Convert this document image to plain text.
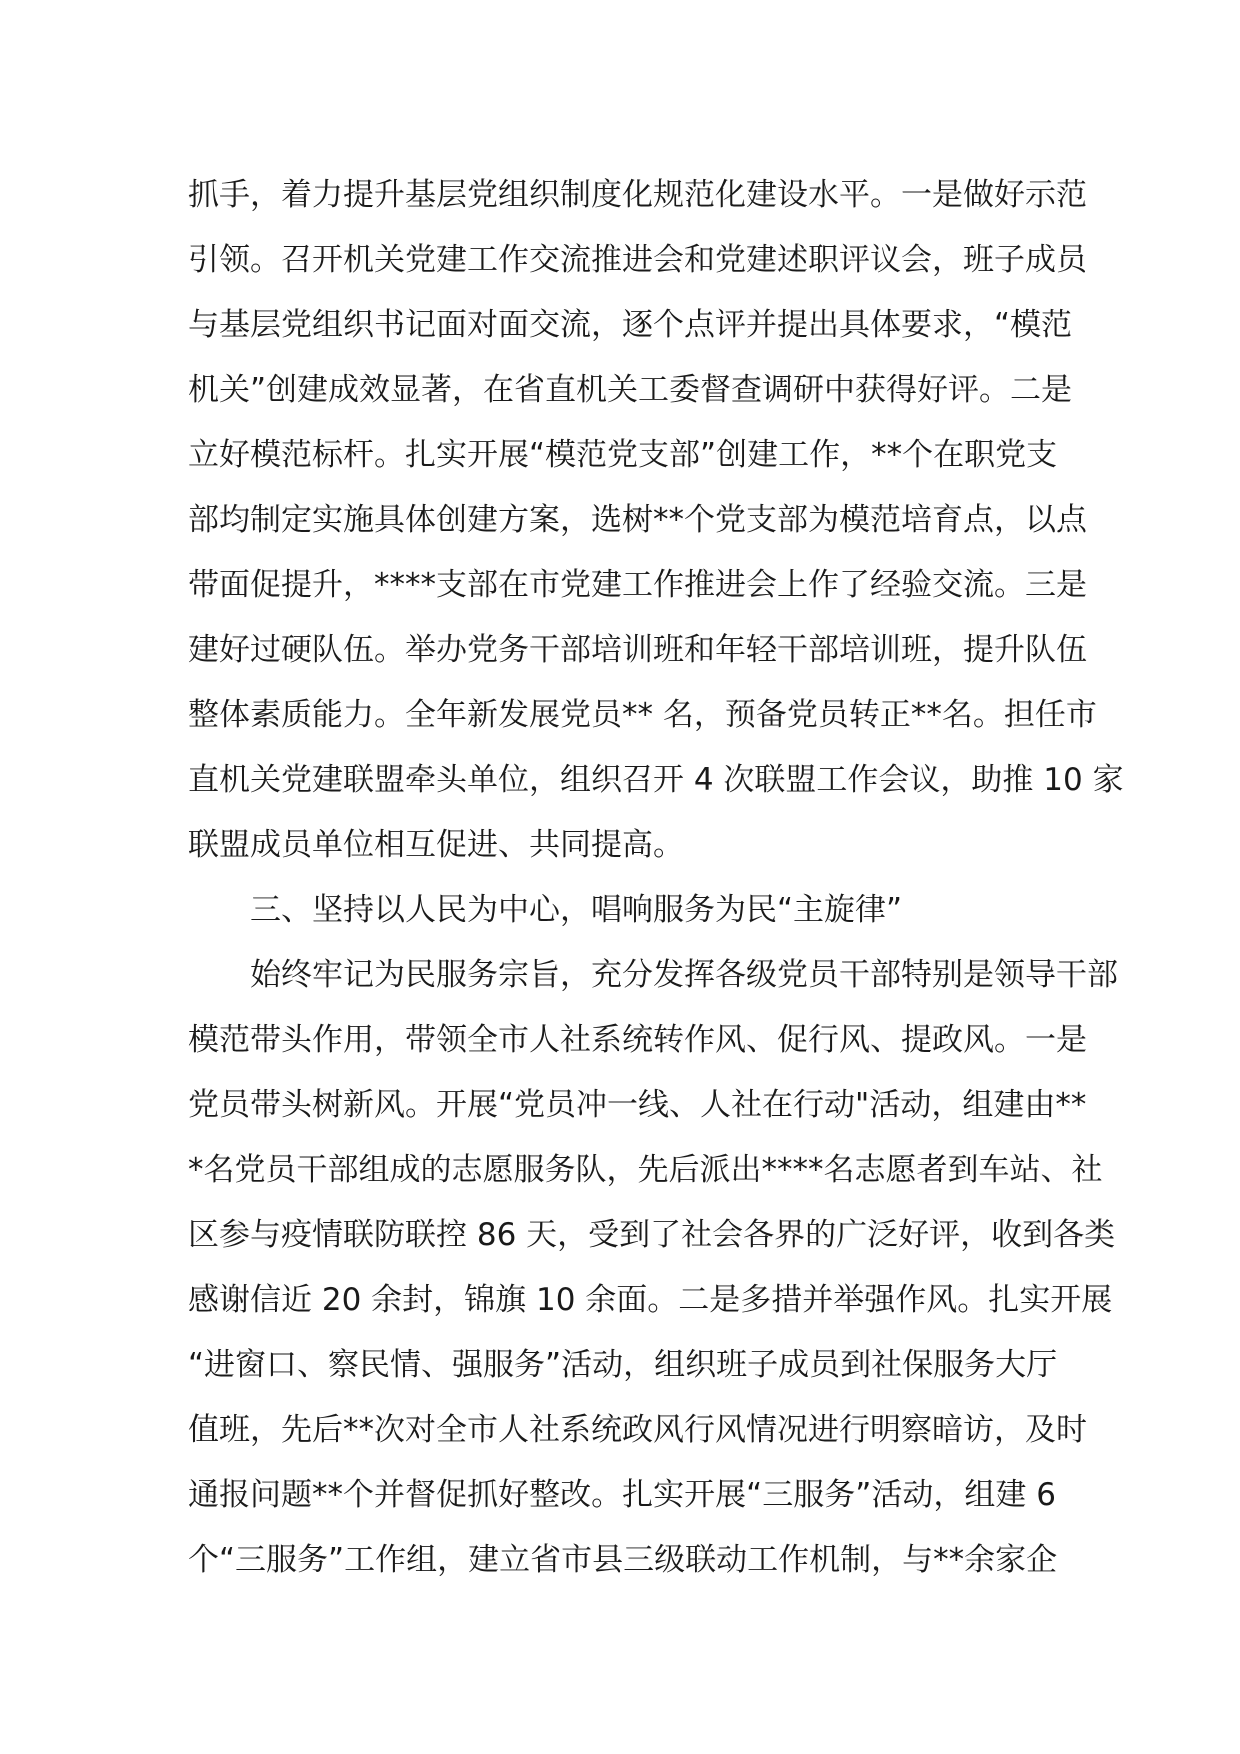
抓手，着力提升基层党组织制度化规范化建设水平。一是做好示范
引领。召开机关党建工作交流推进会和党建述职评议会，班子成员
与基层党组织书记面对面交流，逐个点评并提出具体要求，“模范
机关”创建成效显著，在省直机关工委督查调研中获得好评。二是
立好模范标杆。扎实开展“模范党支部”创建工作，**个在职党支
部均制定实施具体创建方案，选树**个党支部为模范培育点，以点
带面促提升，****支部在市党建工作推进会上作了经验交流。三是
建好过硬队伍。举办党务干部培训班和年轻干部培训班，提升队伍
整体素质能力。全年新发展党员** 名，预备党员转正**名。担任市
直机关党建联盟牵头单位，组织召开 4 次联盟工作会议，助推 10 家
联盟成员单位相互促进、共同提高。
　　三、坚持以人民为中心，唱响服务为民“主旋律”
　　始终牢记为民服务宗旨，充分发挥各级党员干部特别是领导干部
模范带头作用，带领全市人社系统转作风、促行风、提政风。一是
党员带头树新风。开展“党员冲一线、人社在行动"活动，组建由**
*名党员干部组成的志愿服务队，先后派出****名志愿者到车站、社
区参与疫情联防联控 86 天，受到了社会各界的广泛好评，收到各类
感谢信近 20 余封，锦旗 10 余面。二是多措并举强作风。扎实开展
“进窗口、察民情、强服务”活动，组织班子成员到社保服务大厅
值班，先后**次对全市人社系统政风行风情况进行明察暗访，及时
通报问题**个并督促抓好整改。扎实开展“三服务”活动，组建 6
个“三服务”工作组，建立省市县三级联动工作机制，与**余家企
